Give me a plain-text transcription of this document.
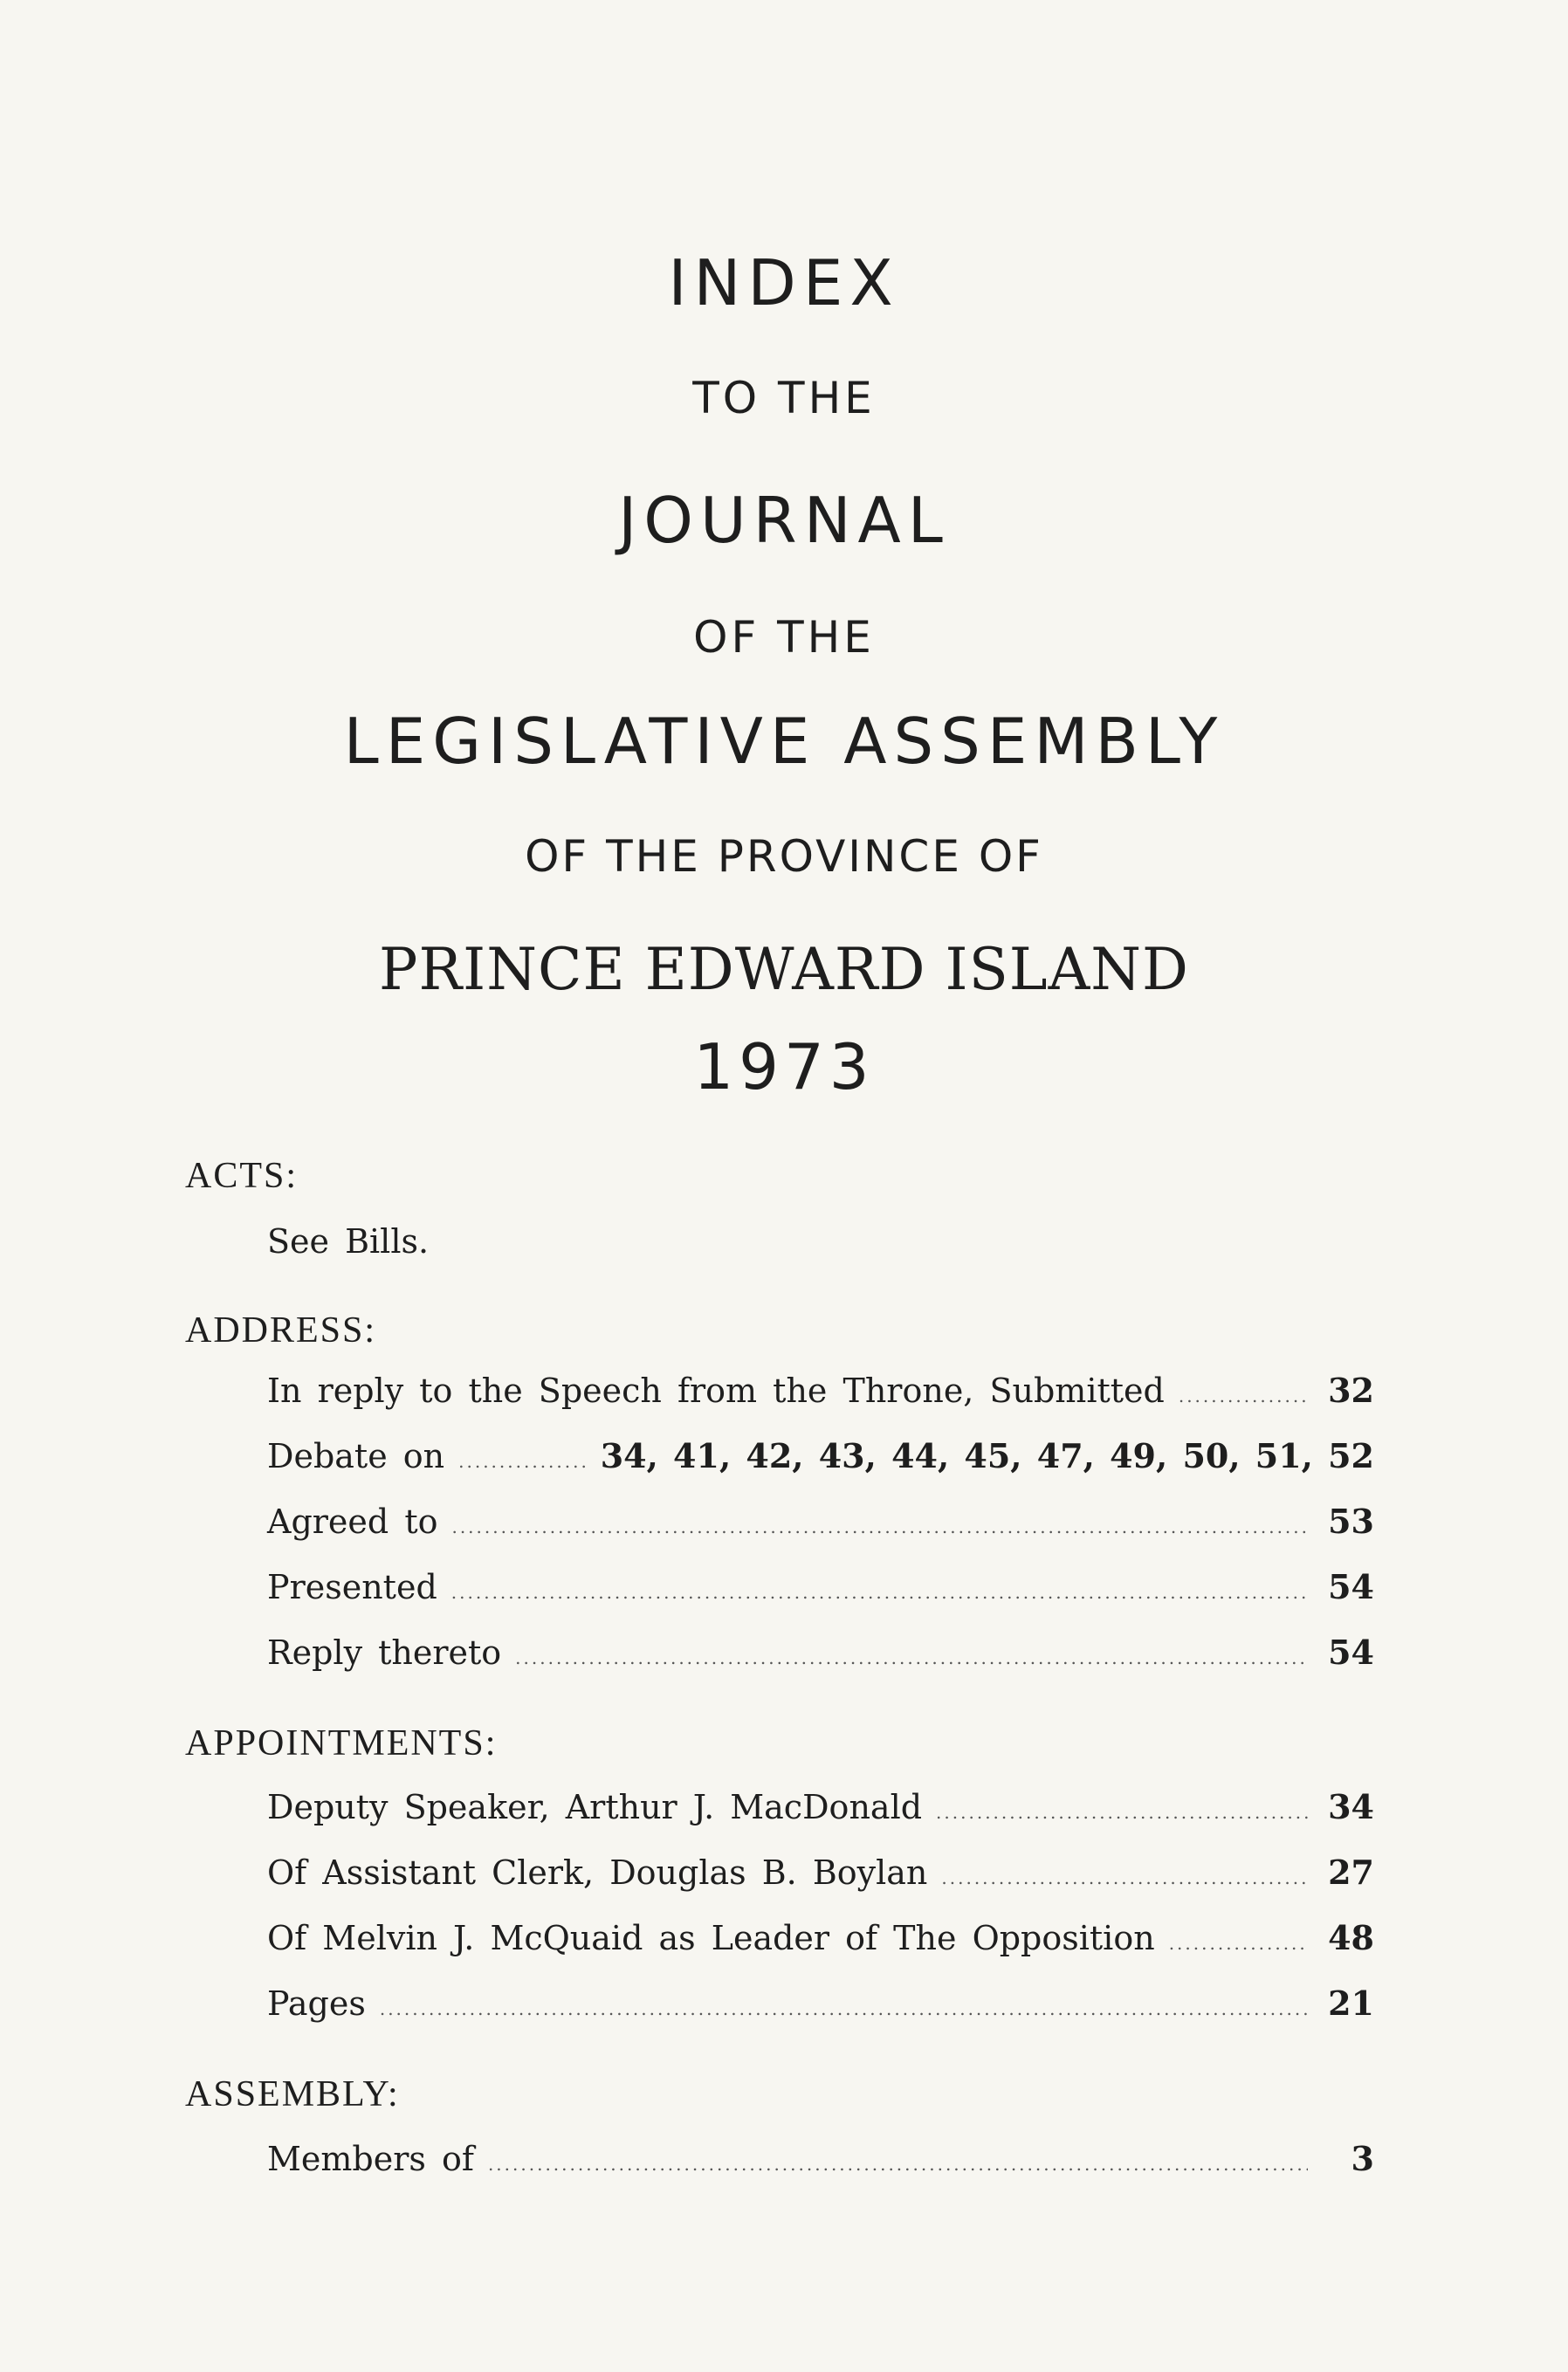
INDEX
TO THE
JOURNAL
OF THE
LEGISLATIVE ASSEMBLY
OF THE PROVINCE OF
PRINCE EDWARD ISLAND
1973
ACTS:
See Bills.
ADDRESS:
In reply to the Speech from the Throne, Submitted .....	32
Debate on .....	34, 41, 42, 43, 44, 45, 47, 49, 50, 51, 52
Agreed to .....	53
Presented .....	54
Reply thereto .....	54
APPOINTMENTS:
Deputy Speaker, Arthur J. MacDonald .....	34
Of Assistant Clerk, Douglas B. Boylan .....	27
Of Melvin J. McQuaid as Leader of The Opposition .....	48
Pages .....	21
ASSEMBLY:
Members of .....	3
